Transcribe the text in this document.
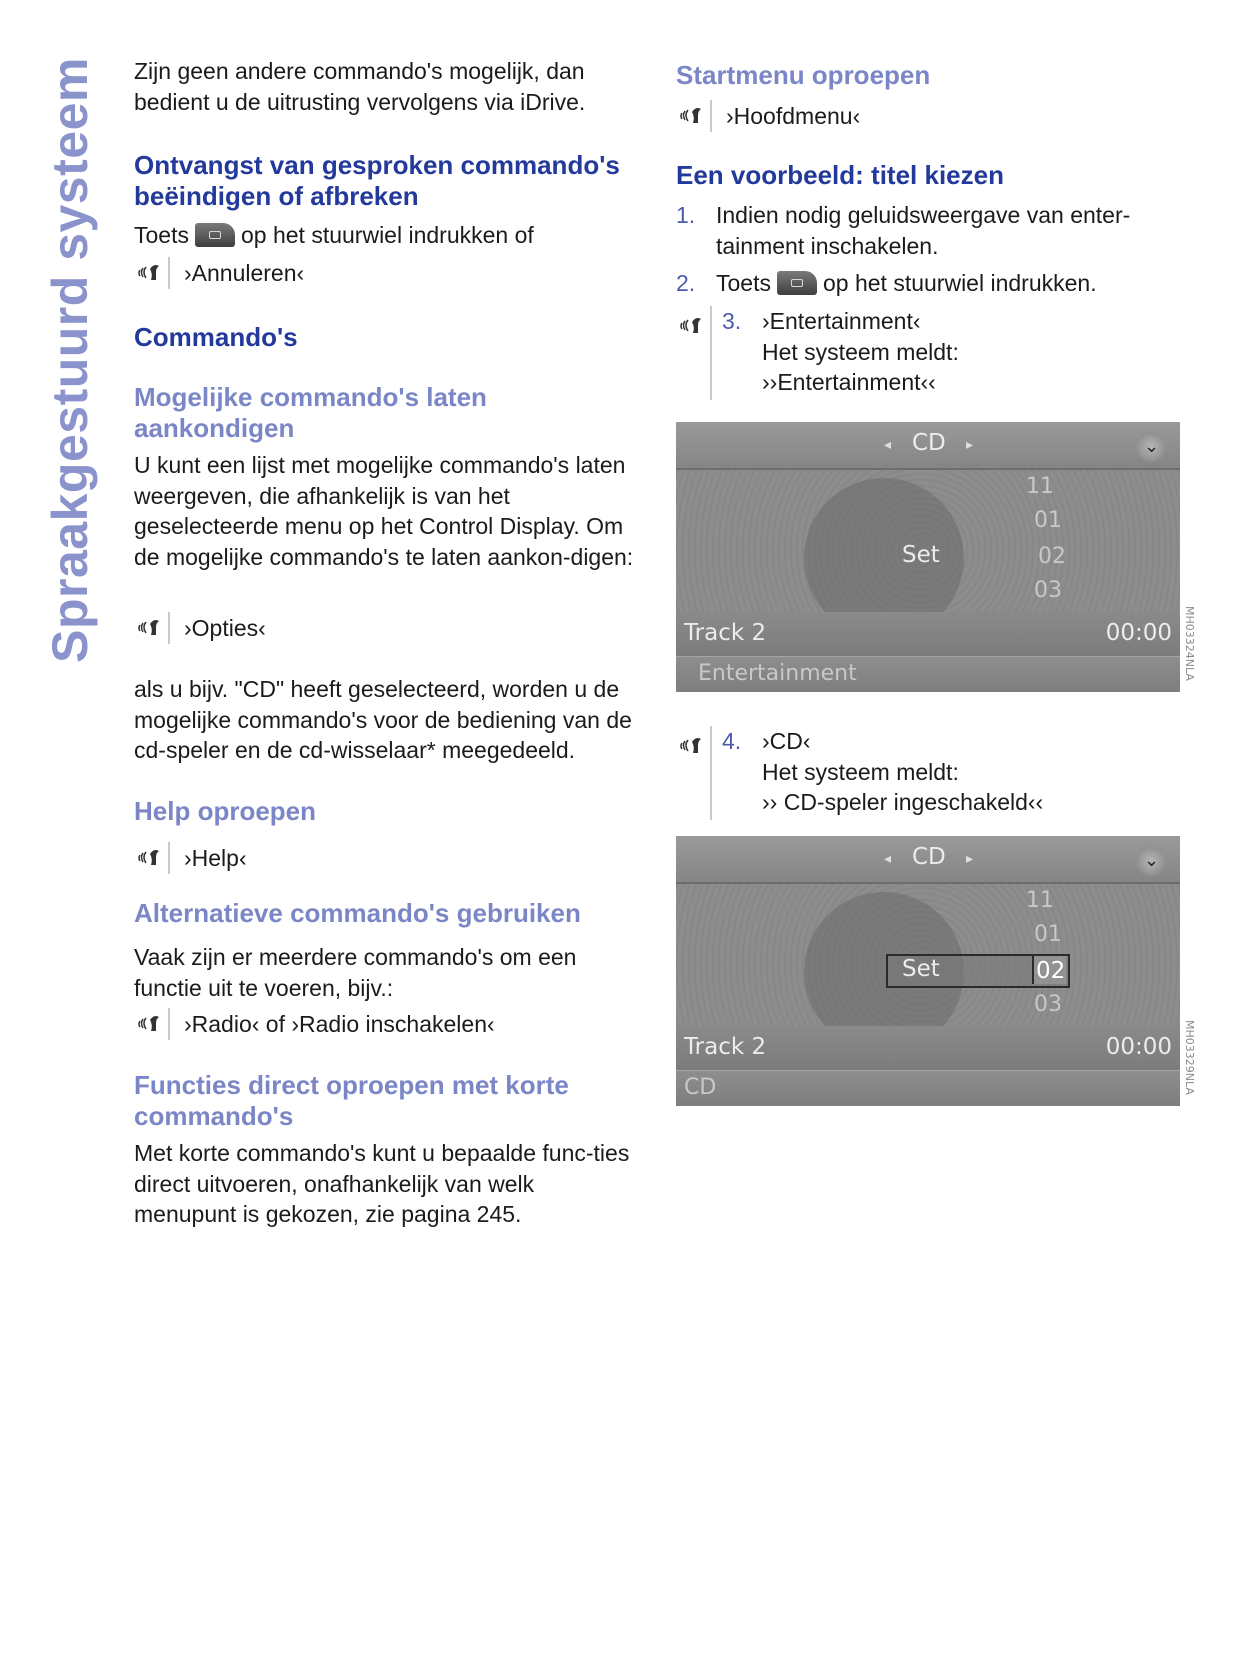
Spraakgestuurd systeem Zijn geen andere commando's mogelijk, dan bedient u de uitrusting vervolgens via iDrive.

Ontvangst van gesproken commando's beëindigen of afbreken
Toets op het stuurwiel indrukken of
›Annuleren‹
Commando's
Mogelijke commando's laten aankondigen

U kunt een lijst met mogelijke commando's laten weergeven, die afhankelijk is van het geselecteerde menu op het Control Display. Om de mogelijke commando's te laten aankon-digen:

›Opties‹

als u bijv. "CD" heeft geselecteerd, worden u de mogelijke commando's voor de bediening van de cd-speler en de cd-wisselaar* meegedeeld.

Help oproepen
›Help‹
Alternatieve commando's gebruiken

Vaak zijn er meerdere commando's om een functie uit te voeren, bijv.:

›Radio‹ of ›Radio inschakelen‹
Functies direct oproepen met korte commando's

Met korte commando's kunt u bepaalde func-ties direct uitvoeren, onafhankelijk van welk menupunt is gekozen, zie pagina 245.

Startmenu oproepen
›Hoofdmenu‹
Een voorbeeld: titel kiezen
1. Indien nodig geluidsweergave van enter-tainment inschakelen.
2. Toets op het stuurwiel indrukken.
3. ›Entertainment‹
Het systeem meldt:
››Entertainment‹‹
◂ CD ▸
⌄
11
01
Set	02
03
Track 2	00:00
Entertainment	MH03324NLA
4. ›CD‹
Het systeem meldt:
›› CD-speler ingeschakeld‹‹
◂ CD ▸
⌄
11
01
Set	02
03
Track 2	00:00
CD	MH03329NLA
